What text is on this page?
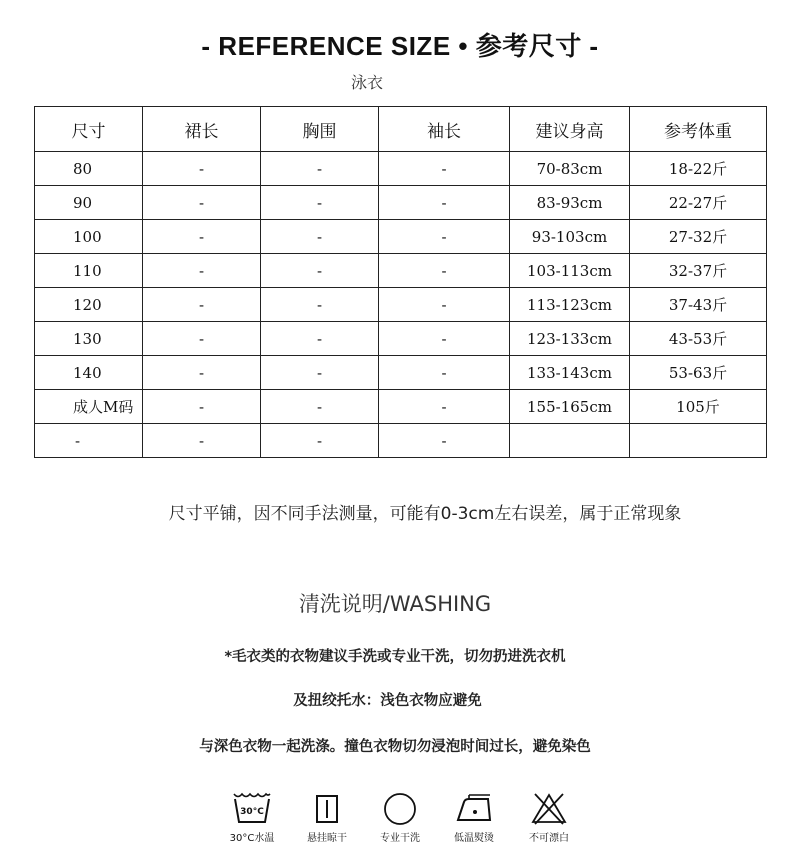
- REFERENCE SIZE • 参考尺寸 -
泳衣
尺寸	裙长	胸围	袖长	建议身高	参考体重
80	-	-	-	70-83cm	18-22斤
90	-	-	-	83-93cm	22-27斤
100	-	-	-	93-103cm	27-32斤
110	-	-	-	103-113cm	32-37斤
120	-	-	-	113-123cm	37-43斤
130	-	-	-	123-133cm	43-53斤
140	-	-	-	133-143cm	53-63斤
成人M码	-	-	-	155-165cm	105斤
-	-	-	-		
尺寸平铺，因不同手法测量，可能有0-3cm左右误差，属于正常现象
清洗说明/WASHING
*毛衣类的衣物建议手洗或专业干洗，切勿扔进洗衣机
及扭绞托水：浅色衣物应避免
与深色衣物一起洗涤。撞色衣物切勿浸泡时间过长，避免染色
30°C
30°C水温	悬挂晾干	专业干洗	低温熨烫	不可漂白
